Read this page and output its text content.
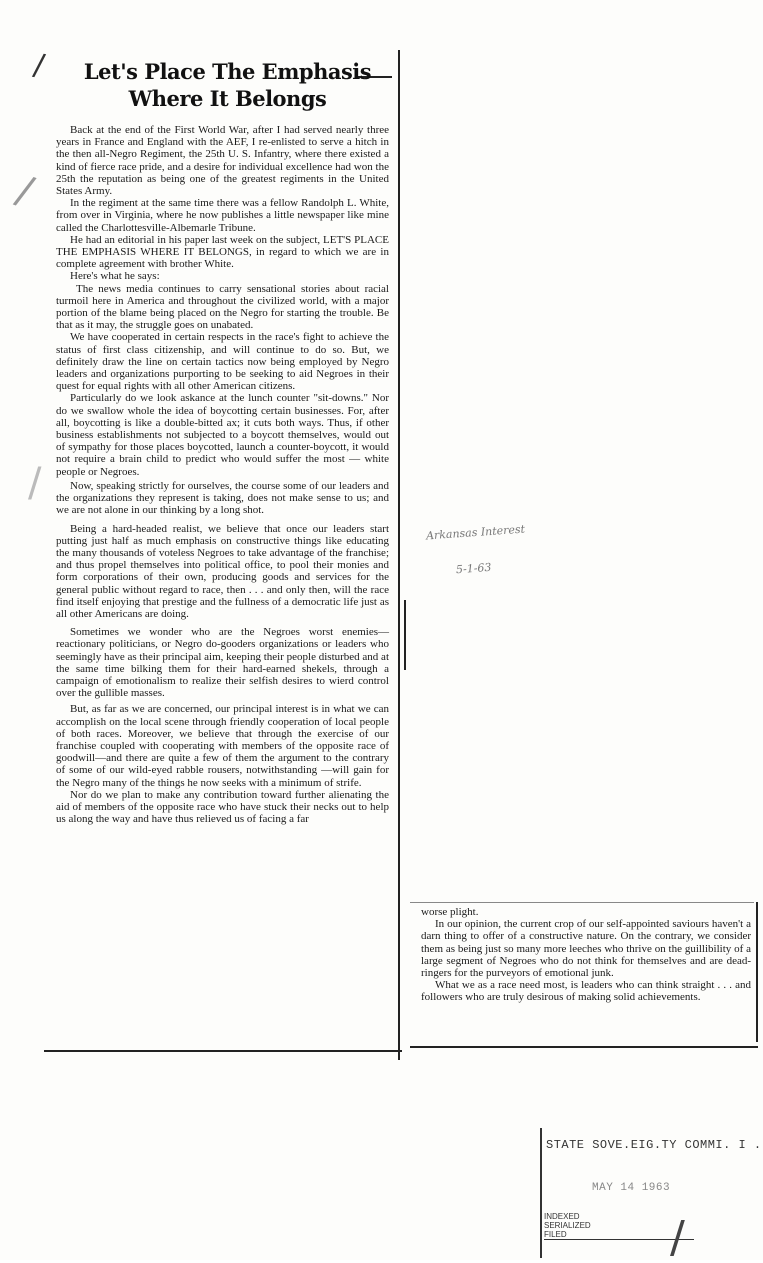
/
/
/
Let's Place The Emphasis
Where It Belongs

Back at the end of the First World War, after I had served nearly three years in France and England with the AEF, I re-enlisted to serve a hitch in the then all-Negro Regiment, the 25th U. S. Infantry, where there existed a kind of fierce race pride, and a desire for individual excellence had won the 25th the reputation as being one of the greatest regiments in the United States Army.

In the regiment at the same time there was a fellow Randolph L. White, from over in Virginia, where he now publishes a little newspaper like mine called the Charlottesville-Albemarle Tribune.

He had an editorial in his paper last week on the subject, LET'S PLACE THE EMPHASIS WHERE IT BELONGS, in regard to which we are in complete agreement with brother White.

Here's what he says:

The news media continues to carry sensational stories about racial turmoil here in America and throughout the civilized world, with a major portion of the blame being placed on the Negro for starting the trouble. Be that as it may, the struggle goes on unabated.

We have cooperated in certain respects in the race's fight to achieve the status of first class citizenship, and will continue to do so. But, we definitely draw the line on certain tactics now being employed by Negro leaders and organizations purporting to be seeking to aid Negroes in their quest for equal rights with all other American citizens.

Particularly do we look askance at the lunch counter "sit-downs." Nor do we swallow whole the idea of boycotting certain businesses. For, after all, boycotting is like a double-bitted ax; it cuts both ways. Thus, if other business establishments not subjected to a boycott themselves, would out of sympathy for those places boycotted, launch a counter-boycott, it would not require a brain child to predict who would suffer the most — white people or Negroes.

Now, speaking strictly for ourselves, the course some of our leaders and the organizations they represent is taking, does not make sense to us; and we are not alone in our thinking by a long shot.

Being a hard-headed realist, we believe that once our leaders start putting just half as much emphasis on constructive things like educating the many thousands of voteless Negroes to take advantage of the franchise; and thus propel themselves into political office, to pool their monies and form corporations of their own, producing goods and services for the general public without regard to race, then . . . and only then, will the race find itself enjoying that prestige and the fullness of a democratic life just as all other Americans are doing.

Sometimes we wonder who are the Negroes worst enemies—reactionary politicians, or Negro do-gooders organizations or leaders who seemingly have as their principal aim, keeping their people disturbed and at the same time bilking them for their hard-earned shekels, through a campaign of emotionalism to realize their selfish desires to wierd control over the gullible masses.

But, as far as we are concerned, our principal interest is in what we can accomplish on the local scene through friendly cooperation of local people of both races. Moreover, we believe that through the exercise of our franchise coupled with cooperating with members of the opposite race of goodwill—and there are quite a few of them the argument to the contrary of some of our wild-eyed rabble rousers, notwithstanding —will gain for the Negro many of the things he now seeks with a minimum of strife.

Nor do we plan to make any contribution toward further alienating the aid of members of the opposite race who have stuck their necks out to help us along the way and have thus relieved us of facing a far

Arkansas Interest
5-1-63

worse plight.

In our opinion, the current crop of our self-appointed saviours haven't a darn thing to offer of a constructive nature. On the contrary, we consider them as being just so many more leeches who thrive on the guillibility of a large segment of Negroes who do not think for themselves and are dead-ringers for the purveyors of emotional junk.

What we as a race need most, is leaders who can think straight . . . and followers who are truly desirous of making solid achievements.

STATE SOVE.EIG.TY COMMI. I .
MAY 14 1963
INDEXED
SERIALIZED
FILED	/
